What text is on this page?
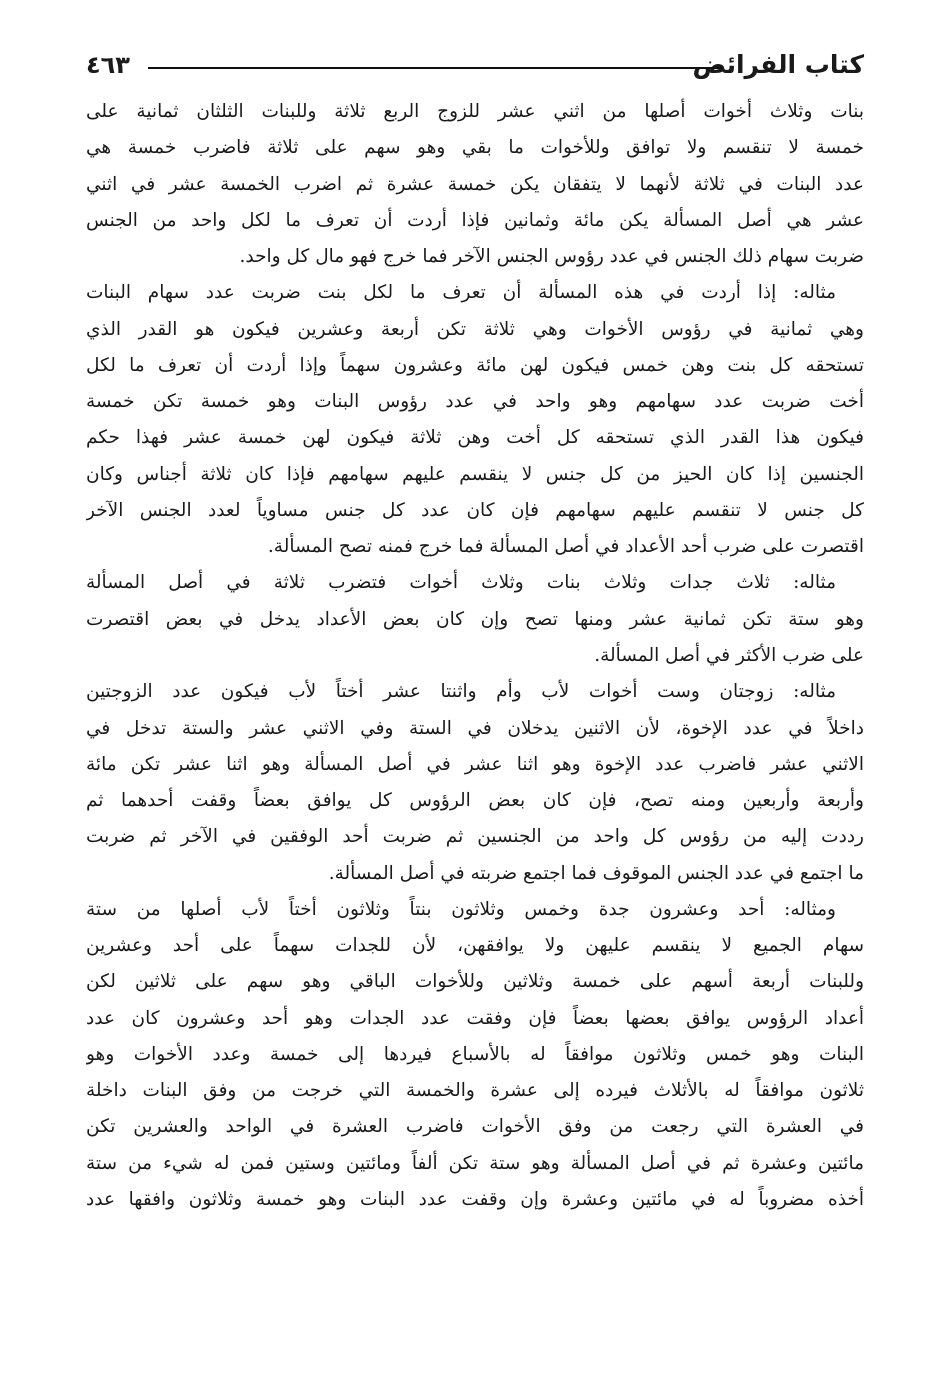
كتاب الفرائض
٤٦٣
بنات وثلاث أخوات أصلها من اثني عشر للزوج الربع ثلاثة وللبنات الثلثان ثمانية على
خمسة لا تنقسم ولا توافق وللأخوات ما بقي وهو سهم على ثلاثة فاضرب خمسة هي
عدد البنات في ثلاثة لأنهما لا يتفقان يكن خمسة عشرة ثم اضرب الخمسة عشر في اثني
عشر هي أصل المسألة يكن مائة وثمانين فإذا أردت أن تعرف ما لكل واحد من الجنس
ضربت سهام ذلك الجنس في عدد رؤوس الجنس الآخر فما خرج فهو مال كل واحد.
مثاله: إذا أردت في هذه المسألة أن تعرف ما لكل بنت ضربت عدد سهام البنات
وهي ثمانية في رؤوس الأخوات وهي ثلاثة تكن أربعة وعشرين فيكون هو القدر الذي
تستحقه كل بنت وهن خمس فيكون لهن مائة وعشرون سهماً وإذا أردت أن تعرف ما لكل
أخت ضربت عدد سهامهم وهو واحد في عدد رؤوس البنات وهو خمسة تكن خمسة
فيكون هذا القدر الذي تستحقه كل أخت وهن ثلاثة فيكون لهن خمسة عشر فهذا حكم
الجنسين إذا كان الحيز من كل جنس لا ينقسم عليهم سهامهم فإذا كان ثلاثة أجناس وكان
كل جنس لا تنقسم عليهم سهامهم فإن كان عدد كل جنس مساوياً لعدد الجنس الآخر
اقتصرت على ضرب أحد الأعداد في أصل المسألة فما خرج فمنه تصح المسألة.
مثاله: ثلاث جدات وثلاث بنات وثلاث أخوات فتضرب ثلاثة في أصل المسألة
وهو ستة تكن ثمانية عشر ومنها تصح وإن كان بعض الأعداد يدخل في بعض اقتصرت
على ضرب الأكثر في أصل المسألة.
مثاله: زوجتان وست أخوات لأب وأم واثنتا عشر أختاً لأب فيكون عدد الزوجتين
داخلاً في عدد الإخوة، لأن الاثنين يدخلان في الستة وفي الاثني عشر والستة تدخل في
الاثني عشر فاضرب عدد الإخوة وهو اثنا عشر في أصل المسألة وهو اثنا عشر تكن مائة
وأربعة وأربعين ومنه تصح، فإن كان بعض الرؤوس كل يوافق بعضاً وقفت أحدهما ثم
رددت إليه من رؤوس كل واحد من الجنسين ثم ضربت أحد الوفقين في الآخر ثم ضربت
ما اجتمع في عدد الجنس الموقوف فما اجتمع ضربته في أصل المسألة.
ومثاله: أحد وعشرون جدة وخمس وثلاثون بنتاً وثلاثون أختاً لأب أصلها من ستة
سهام الجميع لا ينقسم عليهن ولا يوافقهن، لأن للجدات سهماً على أحد وعشرين
وللبنات أربعة أسهم على خمسة وثلاثين وللأخوات الباقي وهو سهم على ثلاثين لكن
أعداد الرؤوس يوافق بعضها بعضاً فإن وفقت عدد الجدات وهو أحد وعشرون كان عدد
البنات وهو خمس وثلاثون موافقاً له بالأسباع فيردها إلى خمسة وعدد الأخوات وهو
ثلاثون موافقاً له بالأثلاث فيرده إلى عشرة والخمسة التي خرجت من وفق البنات داخلة
في العشرة التي رجعت من وفق الأخوات فاضرب العشرة في الواحد والعشرين تكن
مائتين وعشرة ثم في أصل المسألة وهو ستة تكن ألفاً ومائتين وستين فمن له شيء من ستة
أخذه مضروباً له في مائتين وعشرة وإن وقفت عدد البنات وهو خمسة وثلاثون وافقها عدد
